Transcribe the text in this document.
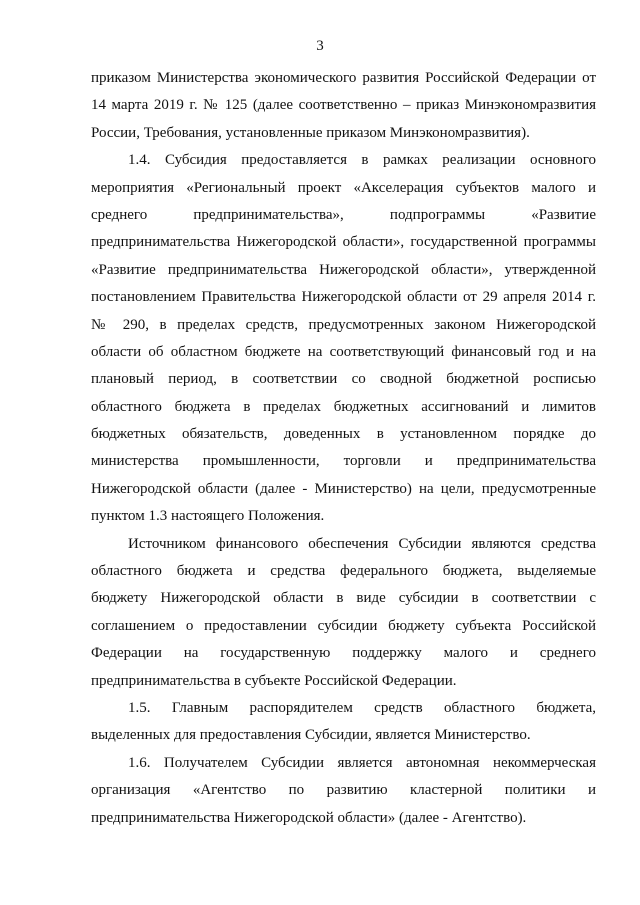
3
приказом Министерства экономического развития Российской Федерации от
14 марта 2019 г. № 125 (далее соответственно – приказ Минэкономразвития
России, Требования, установленные приказом Минэкономразвития).
1.4. Субсидия предоставляется в рамках реализации основного
мероприятия «Региональный проект «Акселерация субъектов малого и
среднего предпринимательства», подпрограммы «Развитие
предпринимательства Нижегородской области», государственной программы
«Развитие предпринимательства Нижегородской области», утвержденной
постановлением Правительства Нижегородской области от 29 апреля 2014 г.
№ 290, в пределах средств, предусмотренных законом Нижегородской
области об областном бюджете на соответствующий финансовый год и на
плановый период, в соответствии со сводной бюджетной росписью
областного бюджета в пределах бюджетных ассигнований и лимитов
бюджетных обязательств, доведенных в установленном порядке до
министерства промышленности, торговли и предпринимательства
Нижегородской области (далее - Министерство) на цели, предусмотренные
пунктом 1.3 настоящего Положения.
Источником финансового обеспечения Субсидии являются средства
областного бюджета и средства федерального бюджета, выделяемые
бюджету Нижегородской области в виде субсидии в соответствии с
соглашением о предоставлении субсидии бюджету субъекта Российской
Федерации на государственную поддержку малого и среднего
предпринимательства в субъекте Российской Федерации.
1.5. Главным распорядителем средств областного бюджета,
выделенных для предоставления Субсидии, является Министерство.
1.6. Получателем Субсидии является автономная некоммерческая
организация «Агентство по развитию кластерной политики и
предпринимательства Нижегородской области» (далее - Агентство).
